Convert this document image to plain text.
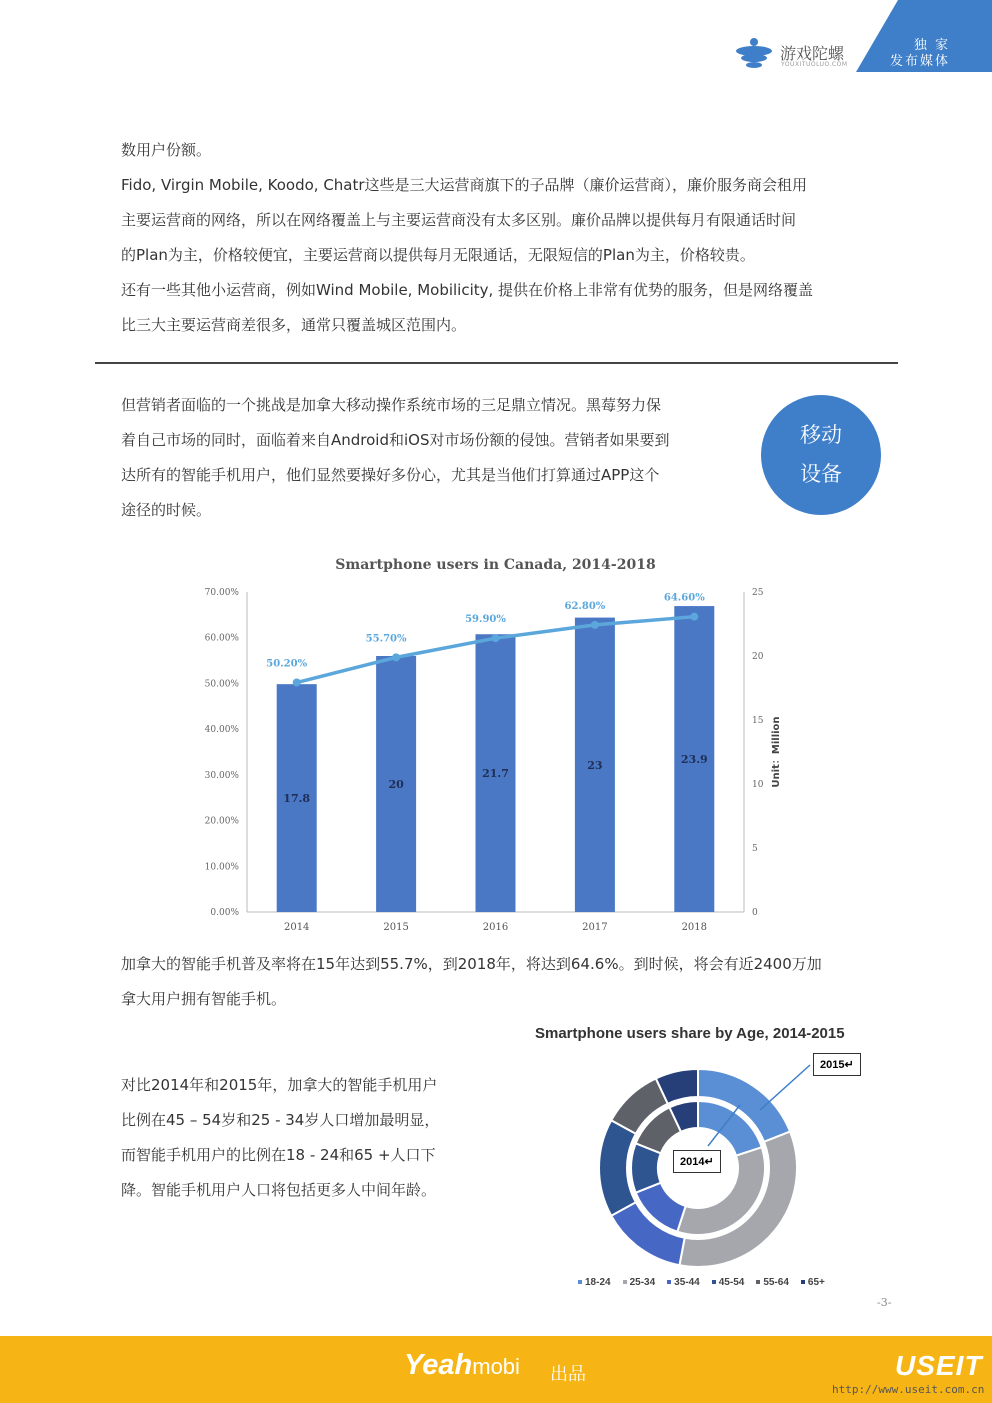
独 家
发布媒体
游戏陀螺
YOUXITUOLUO.COM
数用户份额。
Fido, Virgin Mobile, Koodo, Chatr这些是三大运营商旗下的子品牌（廉价运营商），廉价服务商会租用
主要运营商的网络，所以在网络覆盖上与主要运营商没有太多区别。廉价品牌以提供每月有限通话时间
的Plan为主，价格较便宜，主要运营商以提供每月无限通话，无限短信的Plan为主，价格较贵。
还有一些其他小运营商，例如Wind Mobile, Mobilicity, 提供在价格上非常有优势的服务，但是网络覆盖
比三大主要运营商差很多，通常只覆盖城区范围内。
但营销者面临的一个挑战是加拿大移动操作系统市场的三足鼎立情况。黑莓努力保
着自己市场的同时，面临着来自Android和iOS对市场份额的侵蚀。营销者如果要到
达所有的智能手机用户，他们显然要操好多份心，尤其是当他们打算通过APP这个
途径的时候。
移动
设备
Smartphone users in Canada, 2014-2018
0.00%
10.00%
20.00%
30.00%
40.00%
50.00%
60.00%
70.00%
0
5
10
15
20
25
Unit：Million
17.8
2014
20
2015
21.7
2016
23
2017
23.9
2018
50.20%
55.70%
59.90%
62.80%
64.60%
加拿大的智能手机普及率将在15年达到55.7%，到2018年，将达到64.6%。到时候，将会有近2400万加
拿大用户拥有智能手机。
Smartphone users share by Age, 2014-2015
2015↵
2014↵
18-24 25-34 35-44 45-54 55-64 65+
对比2014年和2015年，加拿大的智能手机用户
比例在45 – 54岁和25 - 34岁人口增加最明显，
而智能手机用户的比例在18 - 24和65 +人口下
降。智能手机用户人口将包括更多人中间年龄。
-3-
Yeahmobi 出品	USEIT
http://www.useit.com.cn
